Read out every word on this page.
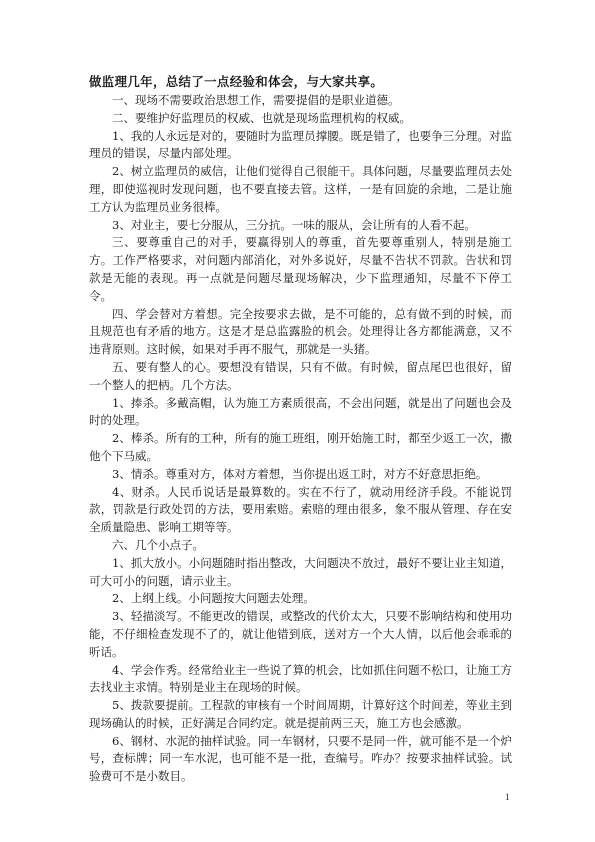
做监理几年，总结了一点经验和体会，与大家共享。

一、现场不需要政治思想工作，需要提倡的是职业道德。

二、要维护好监理员的权威、也就是现场监理机构的权威。

1、我的人永远是对的，要随时为监理员撑腰。既是错了，也要争三分理。对监理员的错误，尽量内部处理。

2、树立监理员的威信，让他们觉得自己很能干。具体问题，尽量要监理员去处理，即使巡视时发现问题，也不要直接去管。这样，一是有回旋的余地，二是让施工方认为监理员业务很棒。

3、对业主，要七分服从，三分抗。一味的服从，会让所有的人看不起。

三、要尊重自己的对手，要赢得别人的尊重，首先要尊重别人，特别是施工方。工作严格要求，对问题内部消化，对外多说好，尽量不告状不罚款。告状和罚款是无能的表现。再一点就是问题尽量现场解决，少下监理通知，尽量不下停工令。

四、学会替对方着想。完全按要求去做，是不可能的，总有做不到的时候，而且规范也有矛盾的地方。这是才是总监露脸的机会。处理得让各方都能满意，又不违背原则。这时候，如果对手再不服气，那就是一头猪。

五、要有整人的心。要想没有错误，只有不做。有时候，留点尾巴也很好，留一个整人的把柄。几个方法。

1、捧杀。多戴高帽，认为施工方素质很高，不会出问题，就是出了问题也会及时的处理。

2、棒杀。所有的工种，所有的施工班组，刚开始施工时，都至少返工一次，撒他个下马威。

3、情杀。尊重对方，体对方着想，当你提出返工时，对方不好意思拒绝。

4、财杀。人民币说话是最算数的。实在不行了，就动用经济手段。不能说罚款，罚款是行政处罚的方法，要用索赔。索赔的理由很多，象不服从管理、存在安全质量隐患、影响工期等等。

六、几个小点子。

1、抓大放小。小问题随时指出整改，大问题决不放过，最好不要让业主知道，可大可小的问题，请示业主。

2、上纲上线。小问题按大问题去处理。

3、轻描淡写。不能更改的错误，或整改的代价太大，只要不影响结构和使用功能，不仔细检查发现不了的，就让他错到底，送对方一个大人情，以后他会乖乖的听话。

4、学会作秀。经常给业主一些说了算的机会，比如抓住问题不松口，让施工方去找业主求情。特别是业主在现场的时候。

5、拨款要提前。工程款的审核有一个时间周期，计算好这个时间差，等业主到现场确认的时候，正好满足合同约定。就是提前两三天，施工方也会感激。

6、钢材、水泥的抽样试验。同一车钢材，只要不是同一件，就可能不是一个炉号，查标牌；同一车水泥，也可能不是一批，查编号。咋办？按要求抽样试验。试验费可不是小数目。

1
